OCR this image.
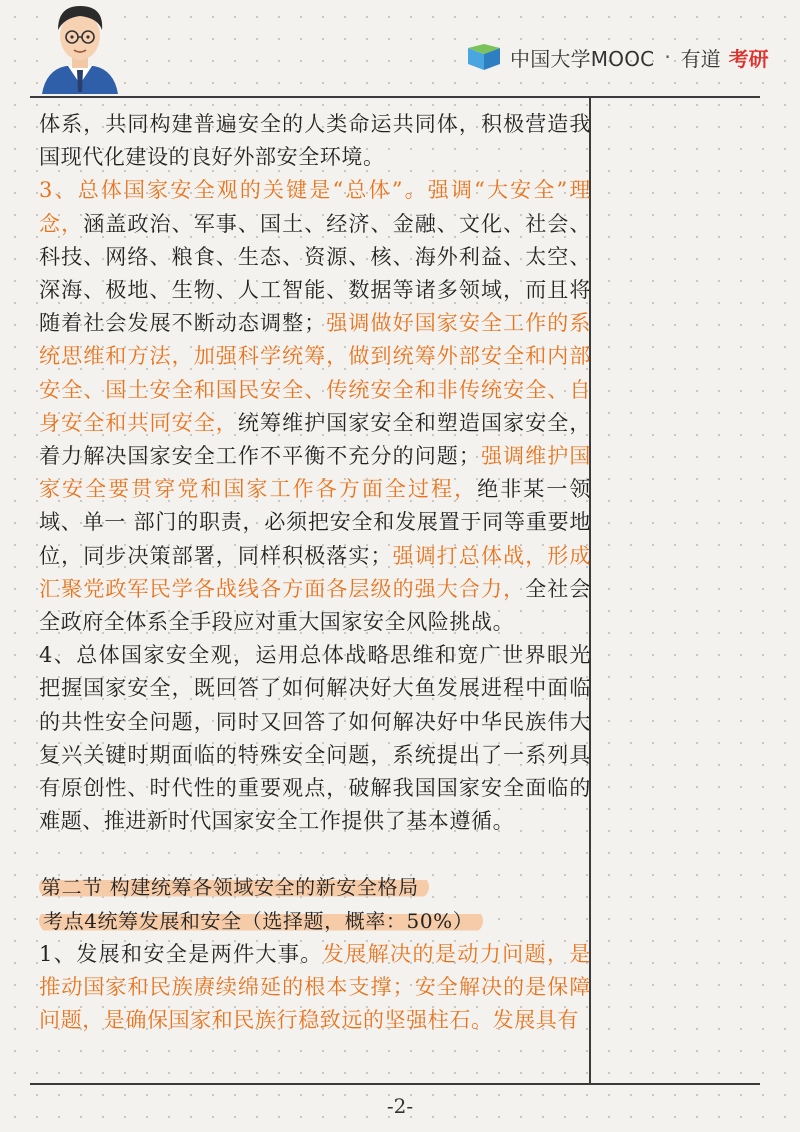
中国大学MOOC · 有道 考研

体系，共同构建普遍安全的人类命运共同体，积极营造我国现代化建设的良好外部安全环境。

3、总体国家安全观的关键是“总体”。强调“大安全”理念，涵盖政治、军事、国土、经济、金融、文化、社会、科技、网络、粮食、生态、资源、核、海外利益、太空、深海、极地、生物、人工智能、数据等诸多领域，而且将随着社会发展不断动态调整；强调做好国家安全工作的系统思维和方法，加强科学统筹，做到统筹外部安全和内部安全、国土安全和国民安全、传统安全和非传统安全、自身安全和共同安全，统筹维护国家安全和塑造国家安全，着力解决国家安全工作不平衡不充分的问题；强调维护国家安全要贯穿党和国家工作各方面全过程，绝非某一领域、单一 部门的职责，必须把安全和发展置于同等重要地位，同步决策部署，同样积极落实；强调打总体战，形成汇聚党政军民学各战线各方面各层级的强大合力，全社会全政府全体系全手段应对重大国家安全风险挑战。

4、总体国家安全观，运用总体战略思维和宽广世界眼光把握国家安全，既回答了如何解决好大鱼发展进程中面临的共性安全问题，同时又回答了如何解决好中华民族伟大复兴关键时期面临的特殊安全问题，系统提出了一系列具有原创性、时代性的重要观点，破解我国国家安全面临的难题、推进新时代国家安全工作提供了基本遵循。

第二节 构建统筹各领域安全的新安全格局

考点4统筹发展和安全（选择题，概率：50%）

1、发展和安全是两件大事。发展解决的是动力问题，是推动国家和民族赓续绵延的根本支撑；安全解决的是保障问题，是确保国家和民族行稳致远的坚强柱石。发展具有

-2-
